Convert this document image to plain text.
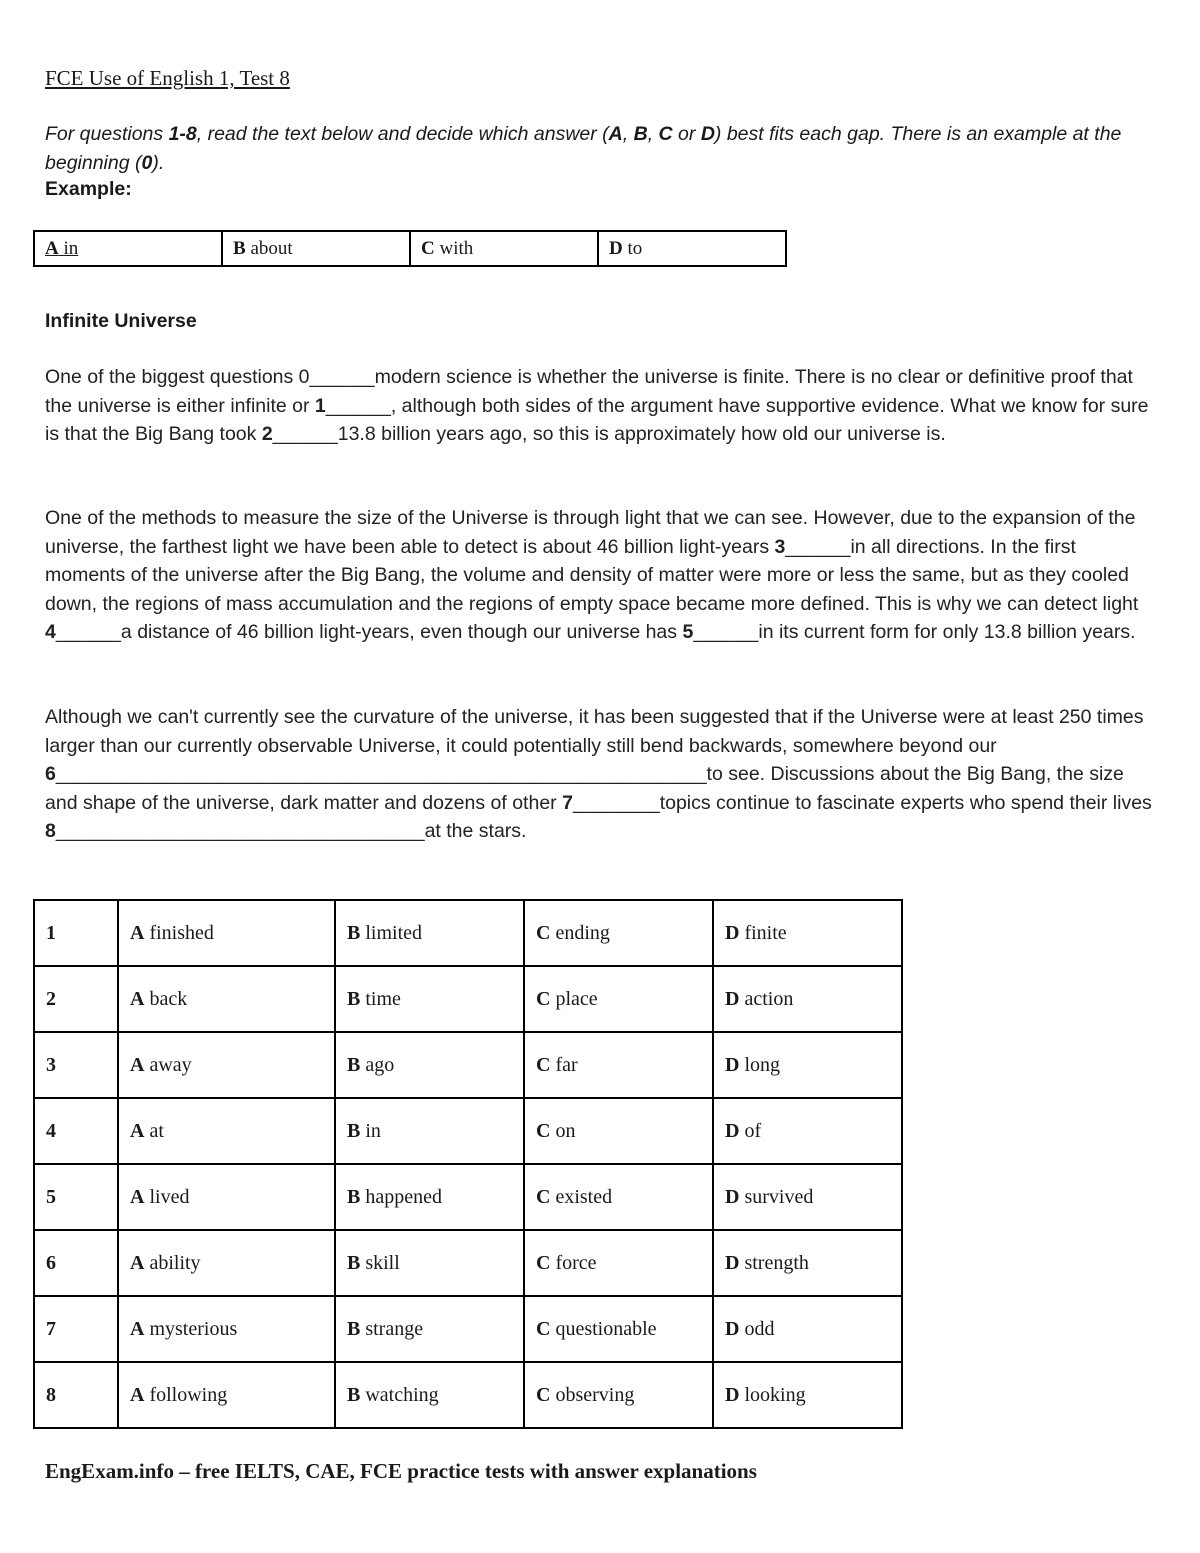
FCE Use of English 1, Test 8
For questions 1-8, read the text below and decide which answer (A, B, C or D) best fits each gap. There is an example at the beginning (0).
Example:
A in	B about	C with	D to
Infinite Universe

One of the biggest questions 0______modern science is whether the universe is finite. There is no clear or definitive proof that the universe is either infinite or 1______, although both sides of the argument have supportive evidence. What we know for sure is that the Big Bang took 2______13.8 billion years ago, so this is approximately how old our universe is.

One of the methods to measure the size of the Universe is through light that we can see. However, due to the expansion of the universe, the farthest light we have been able to detect is about 46 billion light-years 3______in all directions. In the first moments of the universe after the Big Bang, the volume and density of matter were more or less the same, but as they cooled down, the regions of mass accumulation and the regions of empty space became more defined. This is why we can detect light 4______a distance of 46 billion light-years, even though our universe has 5______in its current form for only 13.8 billion years.

Although we can't currently see the curvature of the universe, it has been suggested that if the Universe were at least 250 times larger than our currently observable Universe, it could potentially still bend backwards, somewhere beyond our 6____________________________________________________________to see. Discussions about the Big Bang, the size and shape of the universe, dark matter and dozens of other 7________topics continue to fascinate experts who spend their lives 8__________________________________at the stars.

1	A finished	B limited	C ending	D finite
2	A back	B time	C place	D action
3	A away	B ago	C far	D long
4	A at	B in	C on	D of
5	A lived	B happened	C existed	D survived
6	A ability	B skill	C force	D strength
7	A mysterious	B strange	C questionable	D odd
8	A following	B watching	C observing	D looking
EngExam.info – free IELTS, CAE, FCE practice tests with answer explanations
